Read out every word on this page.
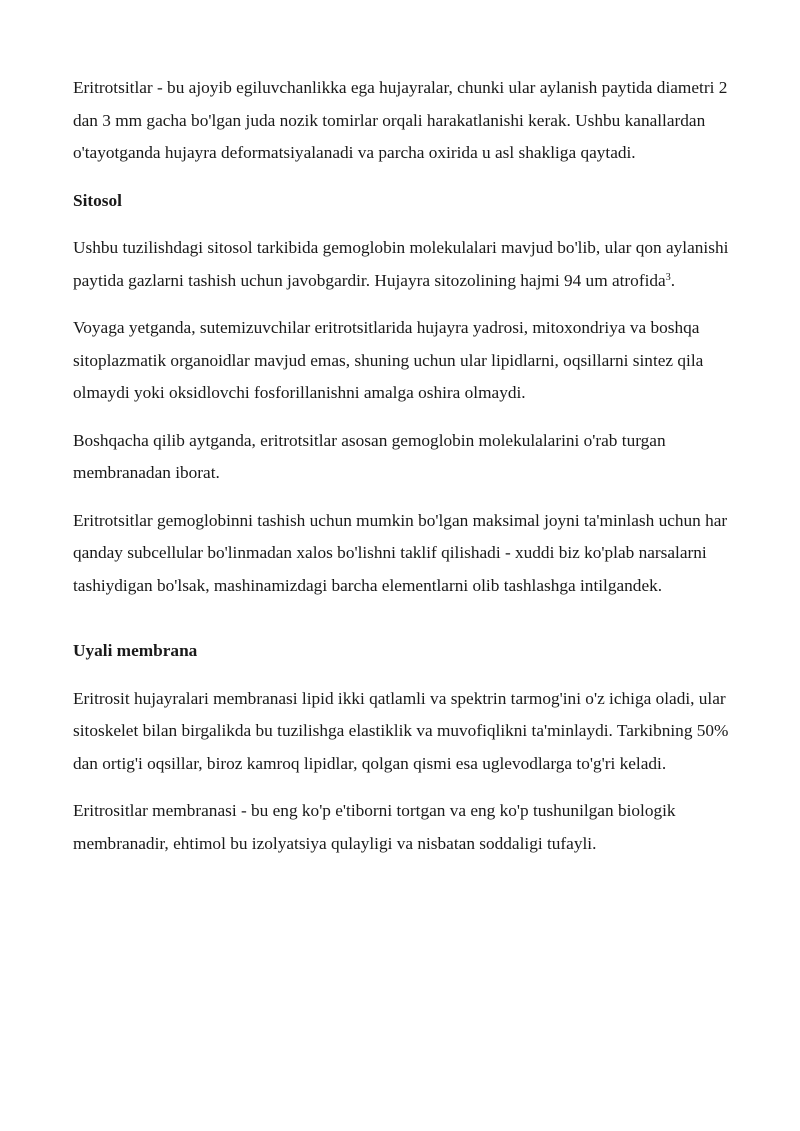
Eritrotsitlar - bu ajoyib egiluvchanlikka ega hujayralar, chunki ular aylanish paytida diametri 2 dan 3 mm gacha bo'lgan juda nozik tomirlar orqali harakatlanishi kerak. Ushbu kanallardan o'tayotganda hujayra deformatsiyalanadi va parcha oxirida u asl shakliga qaytadi.

Sitosol

Ushbu tuzilishdagi sitosol tarkibida gemoglobin molekulalari mavjud bo'lib, ular qon aylanishi paytida gazlarni tashish uchun javobgardir. Hujayra sitozolining hajmi 94 um atrofida$^3$.

Voyaga yetganda, sutemizuvchilar eritrotsitlarida hujayra yadrosi, mitoxondriya va boshqa sitoplazmatik organoidlar mavjud emas, shuning uchun ular lipidlarni, oqsillarni sintez qila olmaydi yoki oksidlovchi fosforillanishni amalga oshira olmaydi.

Boshqacha qilib aytganda, eritrotsitlar asosan gemoglobin molekulalarini o'rab turgan membranadan iborat.

Eritrotsitlar gemoglobinni tashish uchun mumkin bo'lgan maksimal joyni ta'minlash uchun har qanday subcellular bo'linmadan xalos bo'lishni taklif qilishadi - xuddi biz ko'plab narsalarni tashiydigan bo'lsak, mashinamizdagi barcha elementlarni olib tashlashga intilgandek.

Uyali membrana

Eritrosit hujayralari membranasi lipid ikki qatlamli va spektrin tarmog'ini o'z ichiga oladi, ular sitoskelet bilan birgalikda bu tuzilishga elastiklik va muvofiqlikni ta'minlaydi. Tarkibning 50% dan ortig'i oqsillar, biroz kamroq lipidlar, qolgan qismi esa uglevodlarga to'g'ri keladi.

Eritrositlar membranasi - bu eng ko'p e'tiborni tortgan va eng ko'p tushunilgan biologik membranadir, ehtimol bu izolyatsiya qulayligi va nisbatan soddaligi tufayli.
